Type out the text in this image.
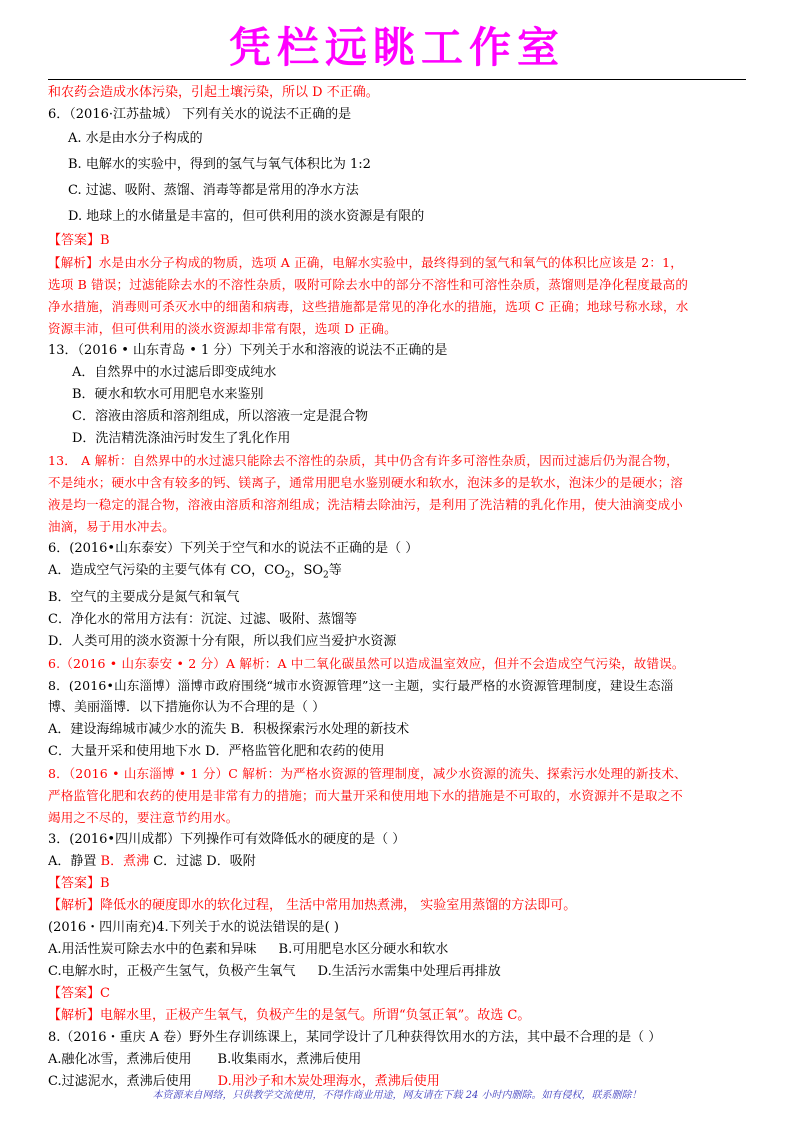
凭栏远眺工作室
和农药会造成水体污染，引起土壤污染，所以 D 不正确。
6．（2016·江苏盐城） 下列有关水的说法不正确的是
A. 水是由水分子构成的
B. 电解水的实验中，得到的氢气与氧气体积比为 1:2
C. 过滤、吸附、蒸馏、消毒等都是常用的净水方法
D. 地球上的水储量是丰富的，但可供利用的淡水资源是有限的
【答案】B
【解析】水是由水分子构成的物质，选项 A 正确，电解水实验中，最终得到的氢气和氧气的体积比应该是 2：1，
选项 B 错误；过滤能除去水的不溶性杂质，吸附可除去水中的部分不溶性和可溶性杂质，蒸馏则是净化程度最高的
净水措施，消毒则可杀灭水中的细菌和病毒，这些措施都是常见的净化水的措施，选项 C 正确；地球号称水球，水
资源丰沛，但可供利用的淡水资源却非常有限，选项 D 正确。
13．（2016 • 山东青岛 • 1 分）下列关于水和溶液的说法不正确的是
A．自然界中的水过滤后即变成纯水
B．硬水和软水可用肥皂水来鉴别
C．溶液由溶质和溶剂组成，所以溶液一定是混合物
D．洗洁精洗涤油污时发生了乳化作用
13． A 解析：自然界中的水过滤只能除去不溶性的杂质，其中仍含有许多可溶性杂质，因而过滤后仍为混合物，
不是纯水；硬水中含有较多的钙、镁离子，通常用肥皂水鉴别硬水和软水，泡沫多的是软水，泡沫少的是硬水；溶
液是均一稳定的混合物，溶液由溶质和溶剂组成；洗洁精去除油污，是利用了洗洁精的乳化作用，使大油滴变成小
油滴，易于用水冲去。
6．(2016•山东泰安）下列关于空气和水的说法不正确的是（ ）
A．造成空气污染的主要气体有 CO，$CO_2$，$SO_2$等
B．空气的主要成分是氮气和氧气
C．净化水的常用方法有：沉淀、过滤、吸附、蒸馏等
D．人类可用的淡水资源十分有限，所以我们应当爱护水资源
6.（2016 • 山东泰安 • 2 分）A 解析：A 中二氧化碳虽然可以造成温室效应，但并不会造成空气污染，故错误。
8．(2016•山东淄博）淄博市政府围绕“城市水资源管理”这一主题，实行最严格的水资源管理制度，建设生态淄
博、美丽淄博．以下措施你认为不合理的是（ ）
A．建设海绵城市减少水的流失 B．积极探索污水处理的新技术
C．大量开采和使用地下水 D．严格监管化肥和农药的使用
8．（2016 • 山东淄博 • 1 分）C 解析：为严格水资源的管理制度，减少水资源的流失、探索污水处理的新技术、
严格监管化肥和农药的使用是非常有力的措施；而大量开采和使用地下水的措施是不可取的，水资源并不是取之不
竭用之不尽的，要注意节约用水。
3．(2016•四川成都）下列操作可有效降低水的硬度的是（ ）
A．静置 B．煮沸 C．过滤 D．吸附
【答案】B
【解析】降低水的硬度即水的软化过程， 生活中常用加热煮沸， 实验室用蒸馏的方法即可。
(2016・四川南充)4.下列关于水的说法错误的是( )
A.用活性炭可除去水中的色素和异味 B.可用肥皂水区分硬水和软水
C.电解水时，正极产生氢气，负极产生氧气 D.生活污水需集中处理后再排放
【答案】C
【解析】电解水里，正极产生氧气，负极产生的是氢气。所谓“负氢正氧”。故选 C。
8.（2016・重庆 A 卷）野外生存训练课上，某同学设计了几种获得饮用水的方法，其中最不合理的是（ ）
A.融化冰雪，煮沸后使用 B.收集雨水，煮沸后使用
C.过滤泥水，煮沸后使用 D.用沙子和木炭处理海水，煮沸后使用
本资源来自网络，只供教学交流使用，不得作商业用途，网友请在下载 24 小时内删除。如有侵权，联系删除！
